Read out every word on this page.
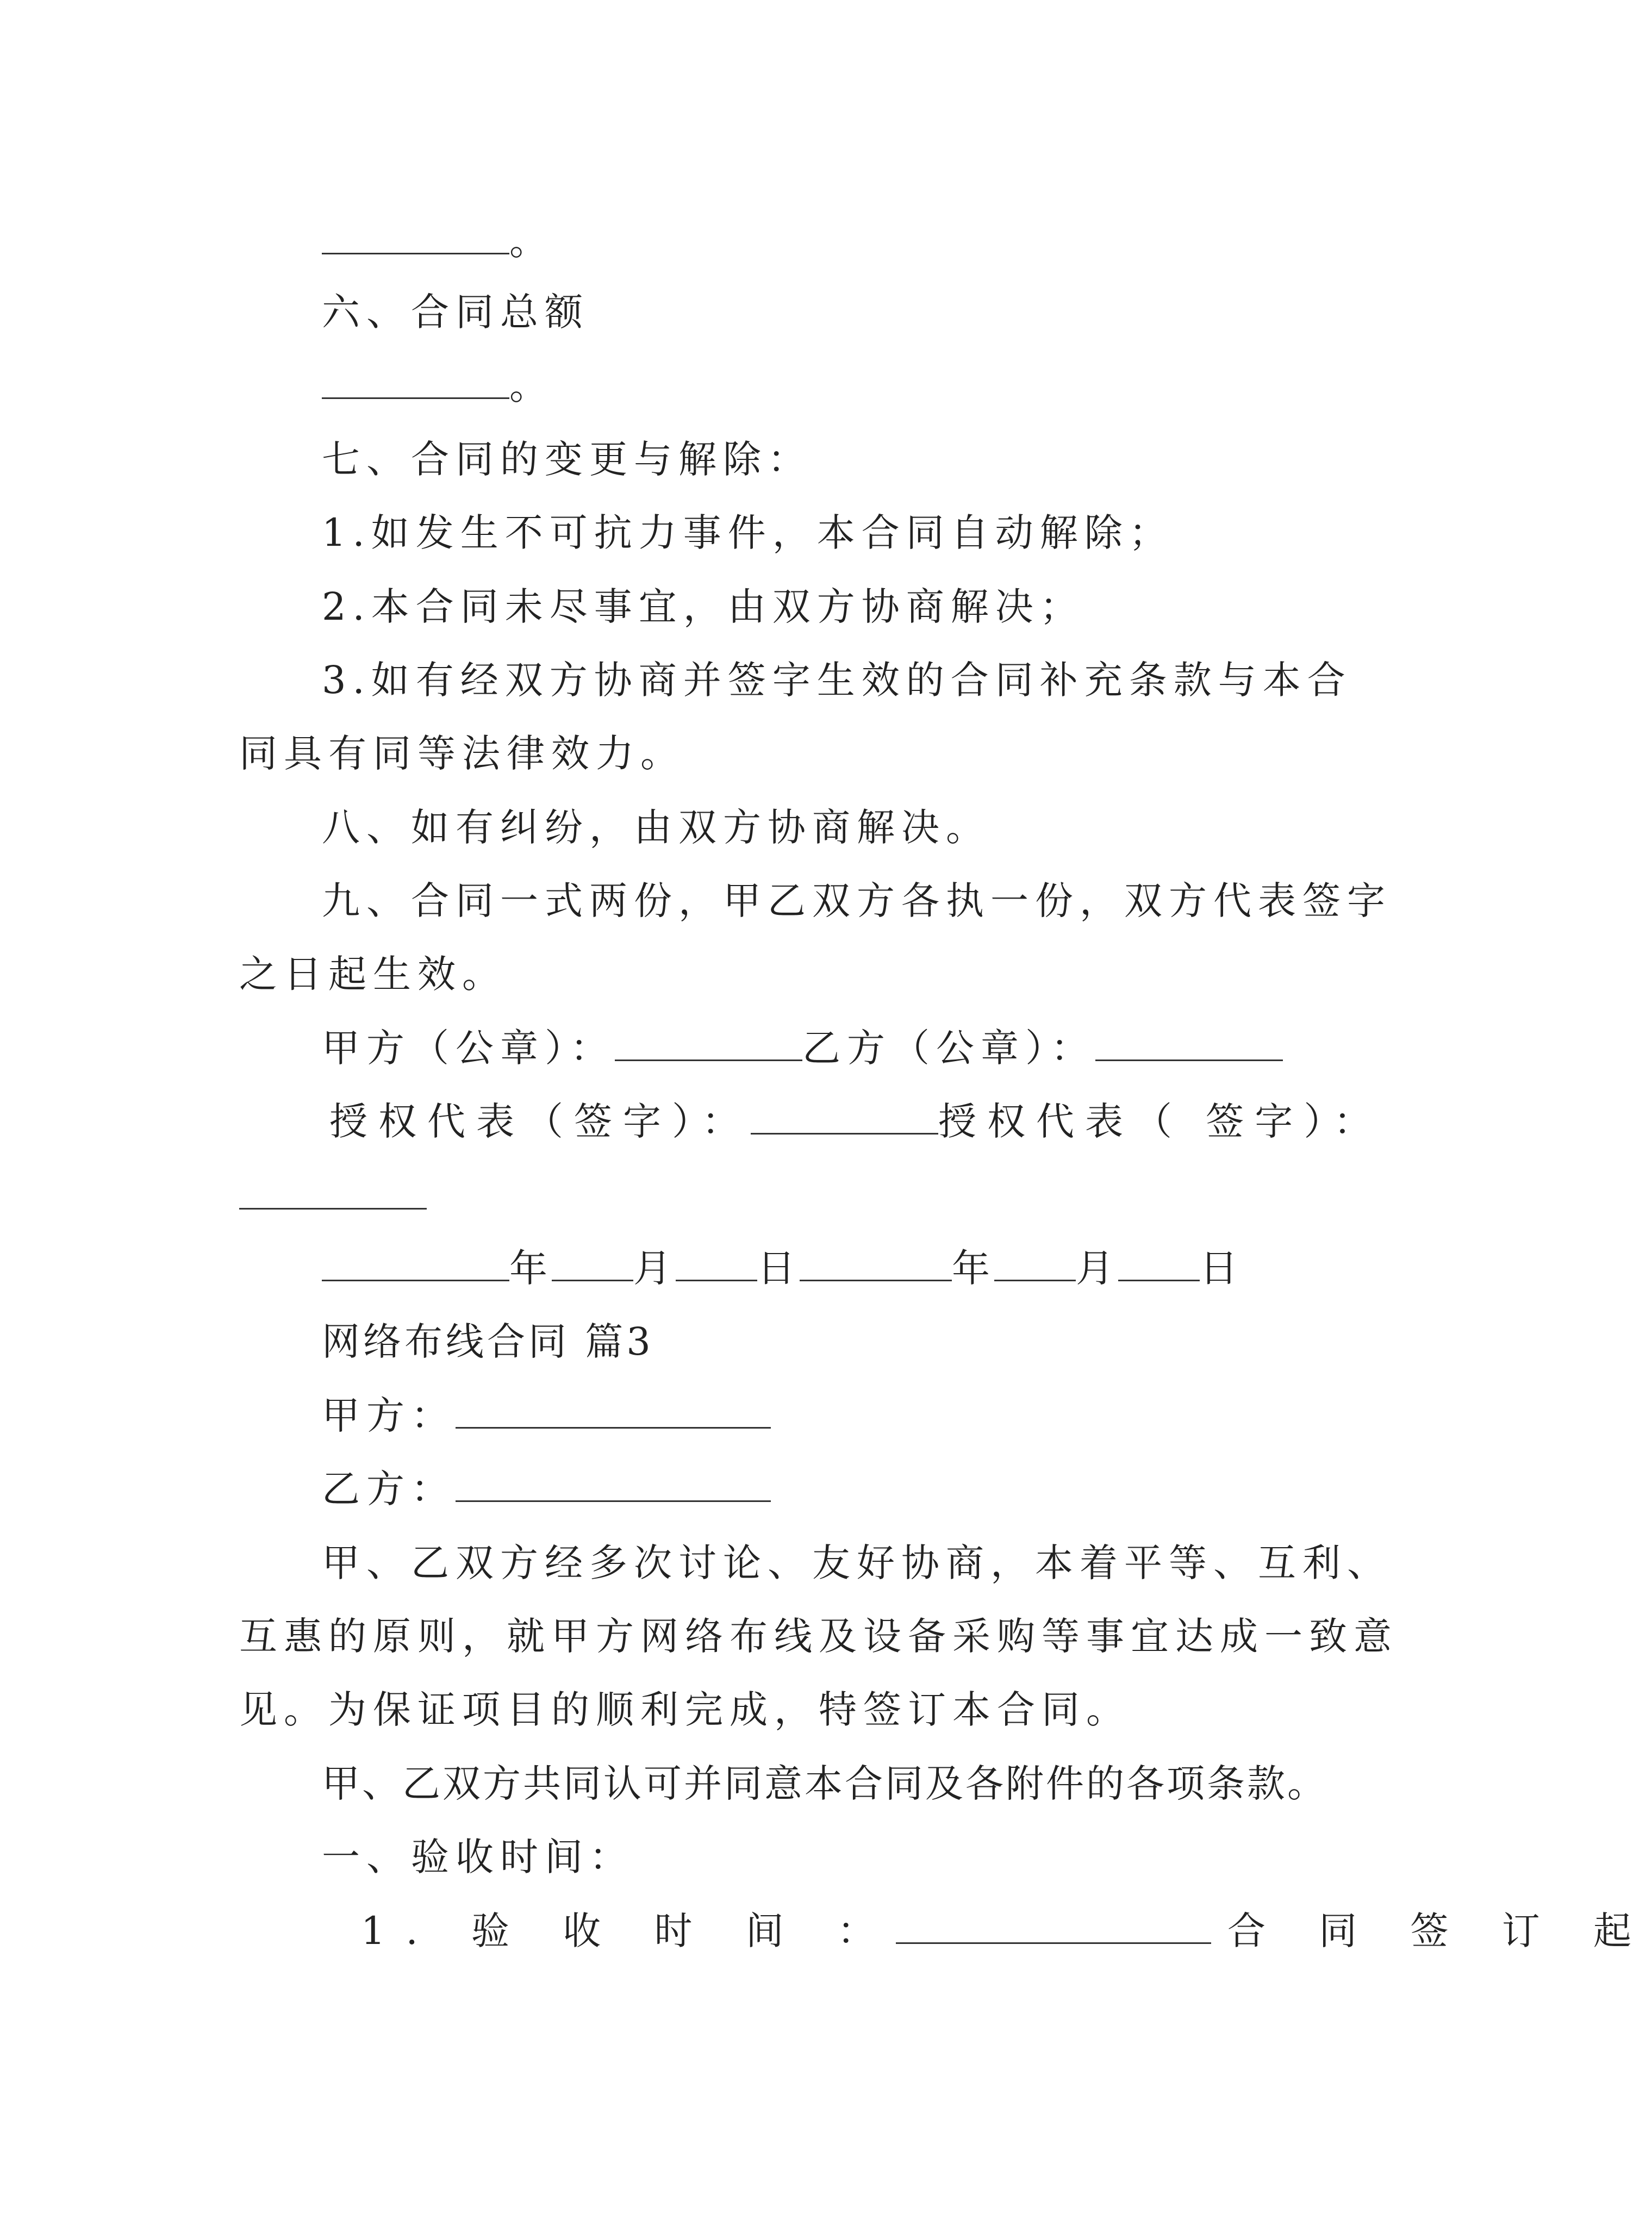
。
六、合同总额
。
七、合同的变更与解除：
1.如发生不可抗力事件，本合同自动解除；
2.本合同未尽事宜，由双方协商解决；
3.如有经双方协商并签字生效的合同补充条款与本合
同具有同等法律效力。
八、如有纠纷，由双方协商解决。
九、合同一式两份，甲乙双方各执一份，双方代表签字
之日起生效。
甲方（公章）：	乙方（公章）：
授权代表（签字）：	授权代表（ 签字）：
年 月 日	年 月 日
网络布线合同 篇3
甲方：
乙方：
甲、乙双方经多次讨论、友好协商，本着平等、互利、
互惠的原则，就甲方网络布线及设备采购等事宜达成一致意
见。为保证项目的顺利完成，特签订本合同。
甲、乙双方共同认可并同意本合同及各附件的各项条款。
一、验收时间：
1. 验 收 时 间 ：	合 同 签 订 起
